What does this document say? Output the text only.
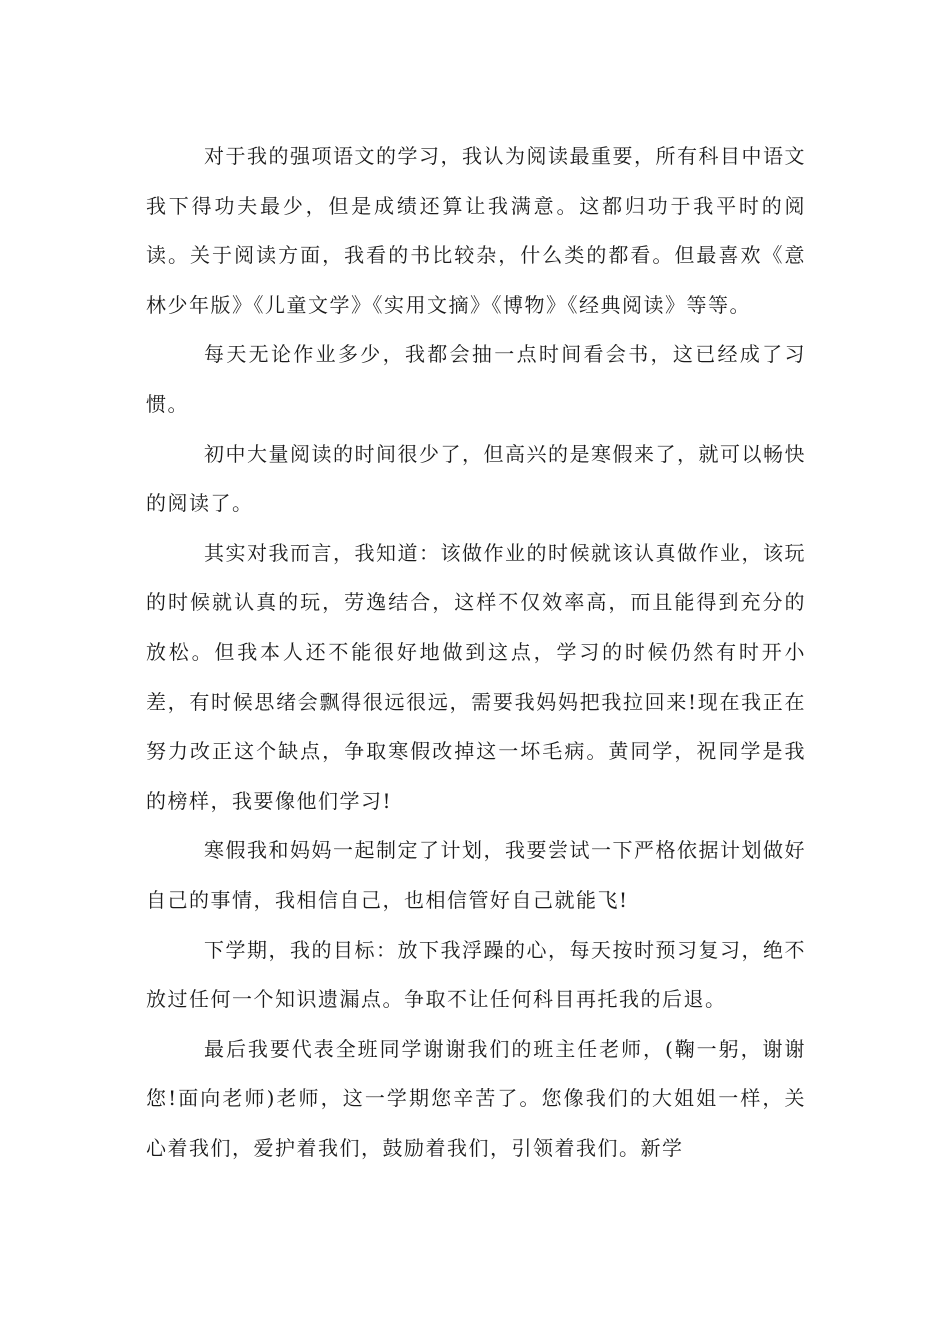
对于我的强项语文的学习，我认为阅读最重要，所有科目中语文我下得功夫最少，但是成绩还算让我满意。这都归功于我平时的阅读。关于阅读方面，我看的书比较杂，什么类的都看。但最喜欢《意林少年版》《儿童文学》《实用文摘》《博物》《经典阅读》等等。

每天无论作业多少，我都会抽一点时间看会书，这已经成了习惯。

初中大量阅读的时间很少了，但高兴的是寒假来了，就可以畅快的阅读了。

其实对我而言，我知道：该做作业的时候就该认真做作业，该玩的时候就认真的玩，劳逸结合，这样不仅效率高，而且能得到充分的放松。但我本人还不能很好地做到这点，学习的时候仍然有时开小差，有时候思绪会飘得很远很远，需要我妈妈把我拉回来!现在我正在努力改正这个缺点，争取寒假改掉这一坏毛病。黄同学，祝同学是我的榜样，我要像他们学习!

寒假我和妈妈一起制定了计划，我要尝试一下严格依据计划做好自己的事情，我相信自己，也相信管好自己就能飞!

下学期，我的目标：放下我浮躁的心，每天按时预习复习，绝不放过任何一个知识遗漏点。争取不让任何科目再托我的后退。

最后我要代表全班同学谢谢我们的班主任老师，(鞠一躬，谢谢您!面向老师)老师，这一学期您辛苦了。您像我们的大姐姐一样，关心着我们，爱护着我们，鼓励着我们，引领着我们。新学
